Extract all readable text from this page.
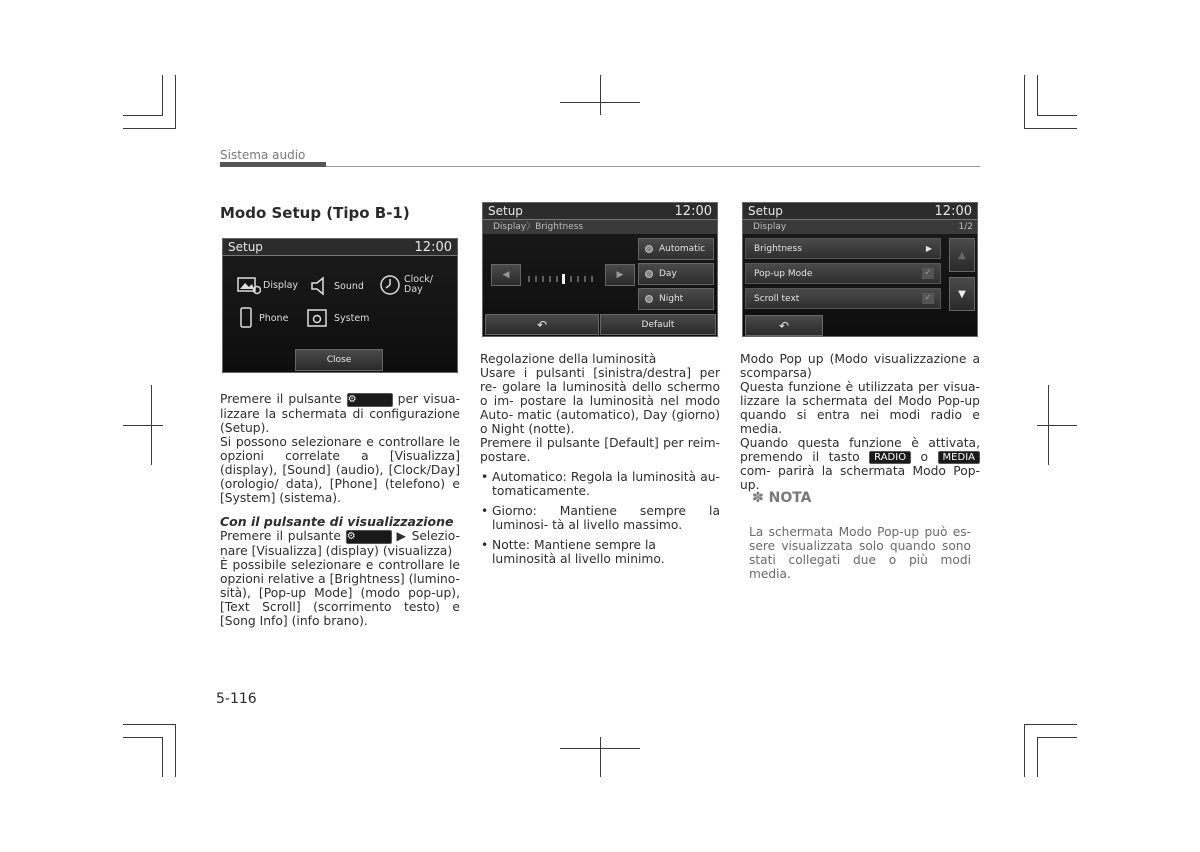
Sistema audio
Modo Setup (Tipo B-1)
Setup	12:00
Display	Sound
Clock/
Day
Phone	System
Close
Setup	12:00
Display〉Brightness
◀	▶
Automatic
Day
Night
↶	Default
Setup	12:00
Display	1/2
Brightness	▶
Pop-up Mode	✓
Scroll text	✓
▲
▼
↶

Premere il pulsante ⚙	per visua-

lizzare la schermata di configurazione (Setup).

Si possono selezionare e controllare le opzioni correlate a [Visualizza] (display), [Sound] (audio), [Clock/Day] (orologio/ data), [Phone] (telefono) e [System] (sistema).

Con il pulsante di visualizzazione

Premere il pulsante ⚙	▶ Selezio-

nare [Visualizza] (display) (visualizza)

È possibile selezionare e controllare le opzioni relative a [Brightness] (lumino- sità), [Pop-up Mode] (modo pop-up), [Text Scroll] (scorrimento testo) e [Song Info] (info brano).

Regolazione della luminosità

Usare i pulsanti [sinistra/destra] per re- golare la luminosità dello schermo o im- postare la luminosità nel modo Auto- matic (automatico), Day (giorno) o Night (notte).

Premere il pulsante [Default] per reim- postare.

• Automatico: Regola la luminosità au- tomaticamente.

• Giorno: Mantiene sempre la luminosi- tà al livello massimo.

• Notte: Mantiene sempre la luminosità al livello minimo.

Modo Pop up (Modo visualizzazione a scomparsa)

Questa funzione è utilizzata per visua- lizzare la schermata del Modo Pop-up quando si entra nei modi radio e media.

Quando questa funzione è attivata, premendo il tasto RADIO o MEDIA com- parirà la schermata Modo Pop-up.

✽ NOTA
La schermata Modo Pop-up può es- sere visualizzata solo quando sono stati collegati due o più modi media.
5-116
